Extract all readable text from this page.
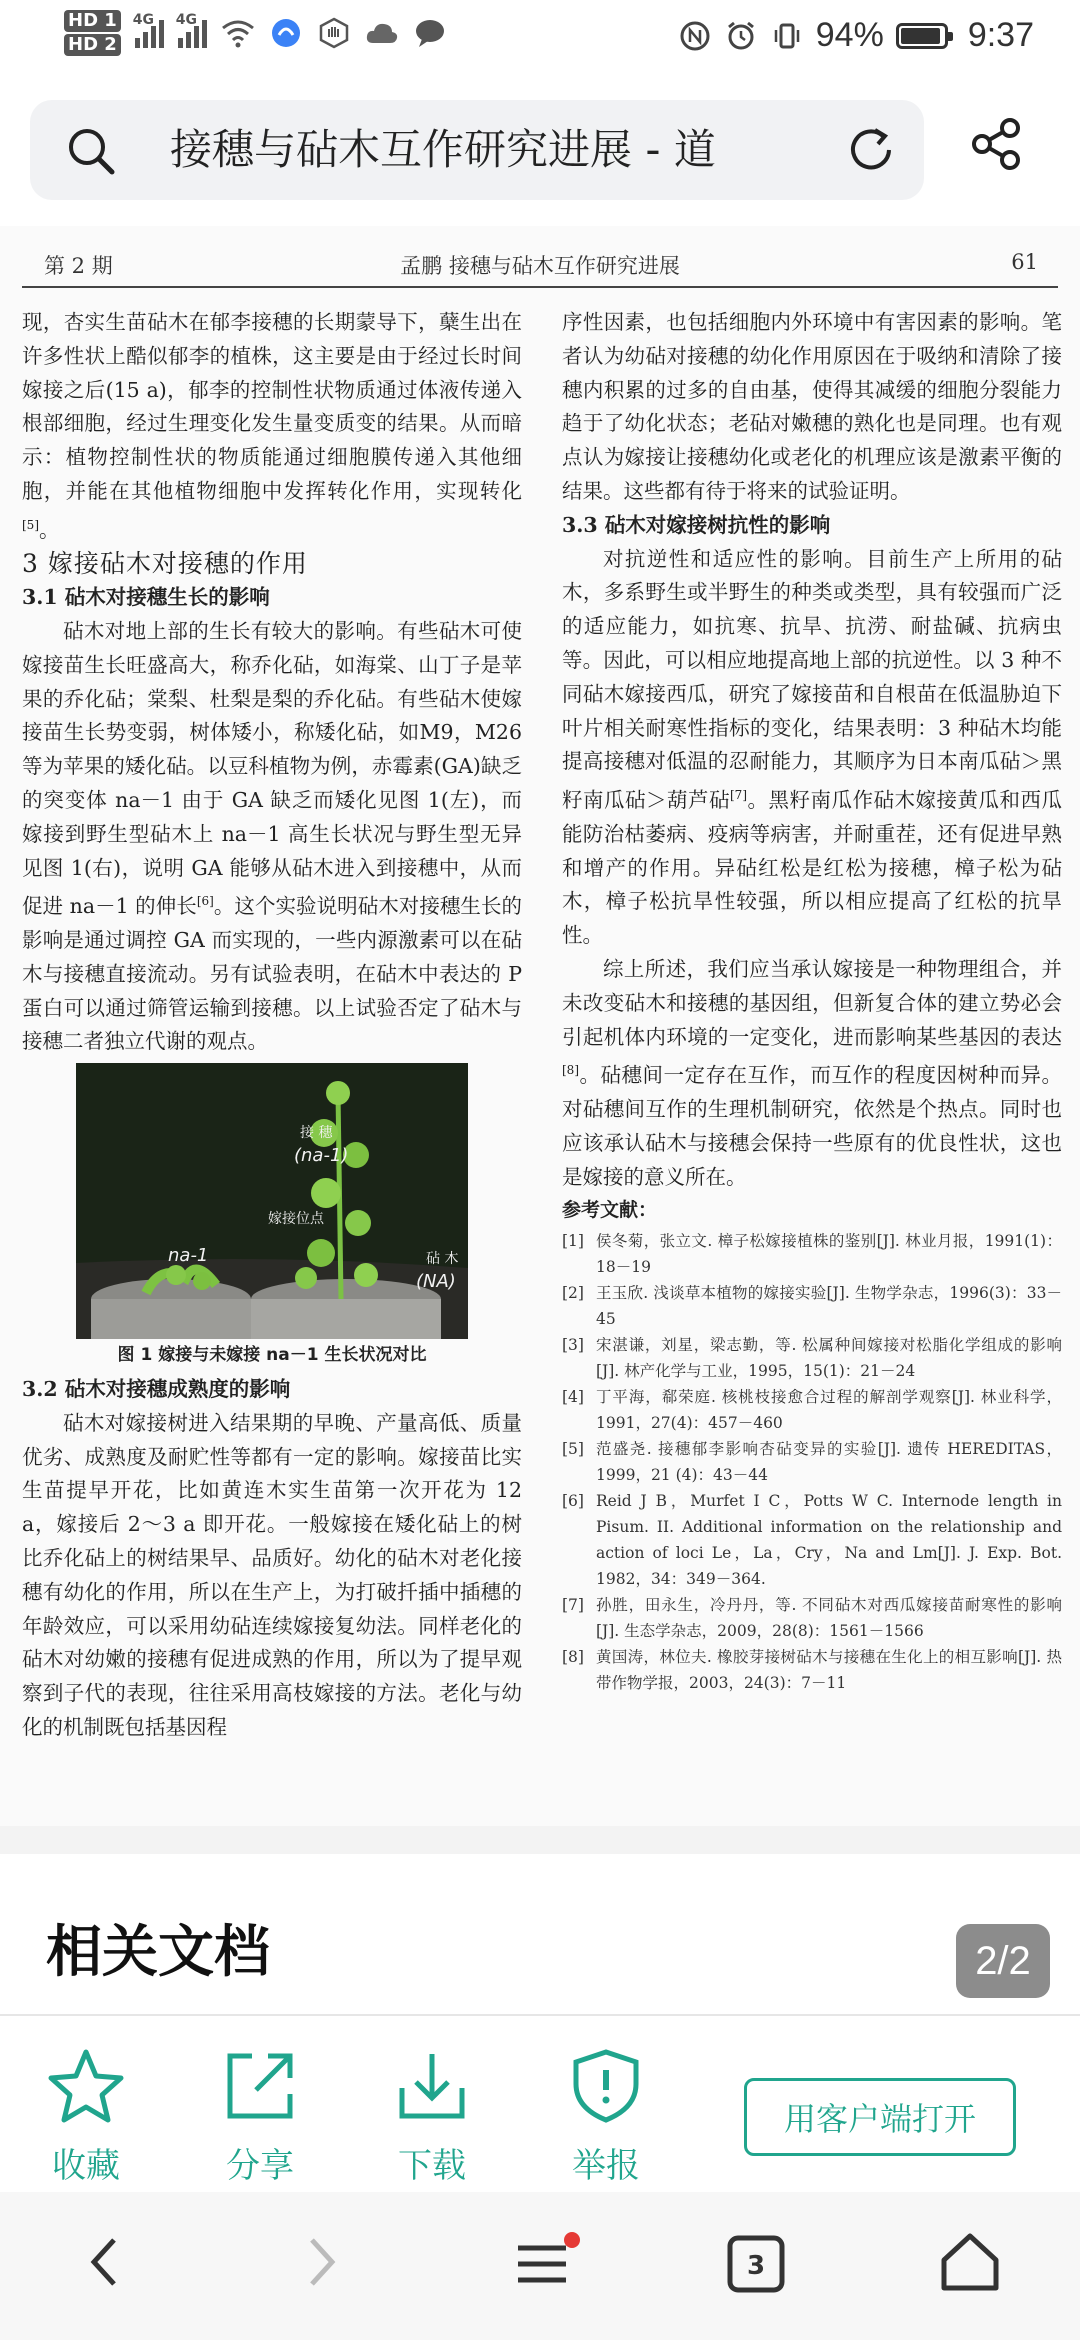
HD 1
HD 2
4G 4G	94% 9:37
接穗与砧木互作研究进展 - 道
第 2 期	孟鹏 接穗与砧木互作研究进展	61

现，杏实生苗砧木在郁李接穗的长期蒙导下，蘖生出在许多性状上酷似郁李的植株，这主要是由于经过长时间嫁接之后(15 a)，郁李的控制性状物质通过体液传递入根部细胞，经过生理变化发生量变质变的结果。从而暗示：植物控制性状的物质能通过细胞膜传递入其他细胞，并能在其他植物细胞中发挥转化作用，实现转化[5]。

3 嫁接砧木对接穗的作用

3.1 砧木对接穗生长的影响

砧木对地上部的生长有较大的影响。有些砧木可使嫁接苗生长旺盛高大，称乔化砧，如海棠、山丁子是苹果的乔化砧；棠梨、杜梨是梨的乔化砧。有些砧木使嫁接苗生长势变弱，树体矮小，称矮化砧，如M9，M26 等为苹果的矮化砧。以豆科植物为例，赤霉素(GA)缺乏的突变体 na－1 由于 GA 缺乏而矮化见图 1(左)，而嫁接到野生型砧木上 na－1 高生长状况与野生型无异见图 1(右)，说明 GA 能够从砧木进入到接穗中，从而促进 na－1 的伸长[6]。这个实验说明砧木对接穗生长的影响是通过调控 GA 而实现的，一些内源激素可以在砧木与接穗直接流动。另有试验表明，在砧木中表达的 P 蛋白可以通过筛管运输到接穗。以上试验否定了砧木与接穗二者独立代谢的观点。

接 穗
(na-1)
嫁接位点
na-1	砧 木
(NA)

图 1 嫁接与未嫁接 na－1 生长状况对比

3.2 砧木对接穗成熟度的影响

砧木对嫁接树进入结果期的早晚、产量高低、质量优劣、成熟度及耐贮性等都有一定的影响。嫁接苗比实生苗提早开花，比如黄连木实生苗第一次开花为 12 a，嫁接后 2～3 a 即开花。一般嫁接在矮化砧上的树比乔化砧上的树结果早、品质好。幼化的砧木对老化接穗有幼化的作用，所以在生产上，为打破扦插中插穗的年龄效应，可以采用幼砧连续嫁接复幼法。同样老化的砧木对幼嫩的接穗有促进成熟的作用，所以为了提早观察到子代的表现，往往采用高枝嫁接的方法。老化与幼化的机制既包括基因程

序性因素，也包括细胞内外环境中有害因素的影响。笔者认为幼砧对接穗的幼化作用原因在于吸纳和清除了接穗内积累的过多的自由基，使得其减缓的细胞分裂能力趋于了幼化状态；老砧对嫩穗的熟化也是同理。也有观点认为嫁接让接穗幼化或老化的机理应该是激素平衡的结果。这些都有待于将来的试验证明。

3.3 砧木对嫁接树抗性的影响

对抗逆性和适应性的影响。目前生产上所用的砧木，多系野生或半野生的种类或类型，具有较强而广泛的适应能力，如抗寒、抗旱、抗涝、耐盐碱、抗病虫等。因此，可以相应地提高地上部的抗逆性。以 3 种不同砧木嫁接西瓜，研究了嫁接苗和自根苗在低温胁迫下叶片相关耐寒性指标的变化，结果表明：3 种砧木均能提高接穗对低温的忍耐能力，其顺序为日本南瓜砧＞黑籽南瓜砧＞葫芦砧[7]。黑籽南瓜作砧木嫁接黄瓜和西瓜能防治枯萎病、疫病等病害，并耐重茬，还有促进早熟和增产的作用。异砧红松是红松为接穗，樟子松为砧木，樟子松抗旱性较强，所以相应提高了红松的抗旱性。

综上所述，我们应当承认嫁接是一种物理组合，并未改变砧木和接穗的基因组，但新复合体的建立势必会引起机体内环境的一定变化，进而影响某些基因的表达[8]。砧穗间一定存在互作，而互作的程度因树种而异。对砧穗间互作的生理机制研究，依然是个热点。同时也应该承认砧木与接穗会保持一些原有的优良性状，这也是嫁接的意义所在。

参考文献：

[1] 侯冬菊，张立文. 樟子松嫁接植株的鉴别[J]. 林业月报，1991(1)：18－19
[2] 王玉欣. 浅谈草本植物的嫁接实验[J]. 生物学杂志，1996(3)：33－45
[3] 宋湛谦，刘星，梁志勤，等. 松属种间嫁接对松脂化学组成的影响[J]. 林产化学与工业，1995，15(1)：21－24
[4] 丁平海，郗荣庭. 核桃枝接愈合过程的解剖学观察[J]. 林业科学，1991，27(4)：457－460
[5] 范盛尧. 接穗郁李影响杏砧变异的实验[J]. 遗传 HEREDITAS，1999，21 (4)：43－44
[6] Reid J B，Murfet I C，Potts W C. Internode length in Pisum. II. Additional information on the relationship and action of loci Le，La，Cry，Na and Lm[J]. J. Exp. Bot. 1982，34：349－364.
[7] 孙胜，田永生，冷丹丹，等. 不同砧木对西瓜嫁接苗耐寒性的影响[J]. 生态学杂志，2009，28(8)：1561－1566
[8] 黄国涛，林位夫. 橡胶芽接树砧木与接穗在生化上的相互影响[J]. 热带作物学报，2003，24(3)：7－11
相关文档	2/2
收藏	分享	下载	举报
用客户端打开
3
